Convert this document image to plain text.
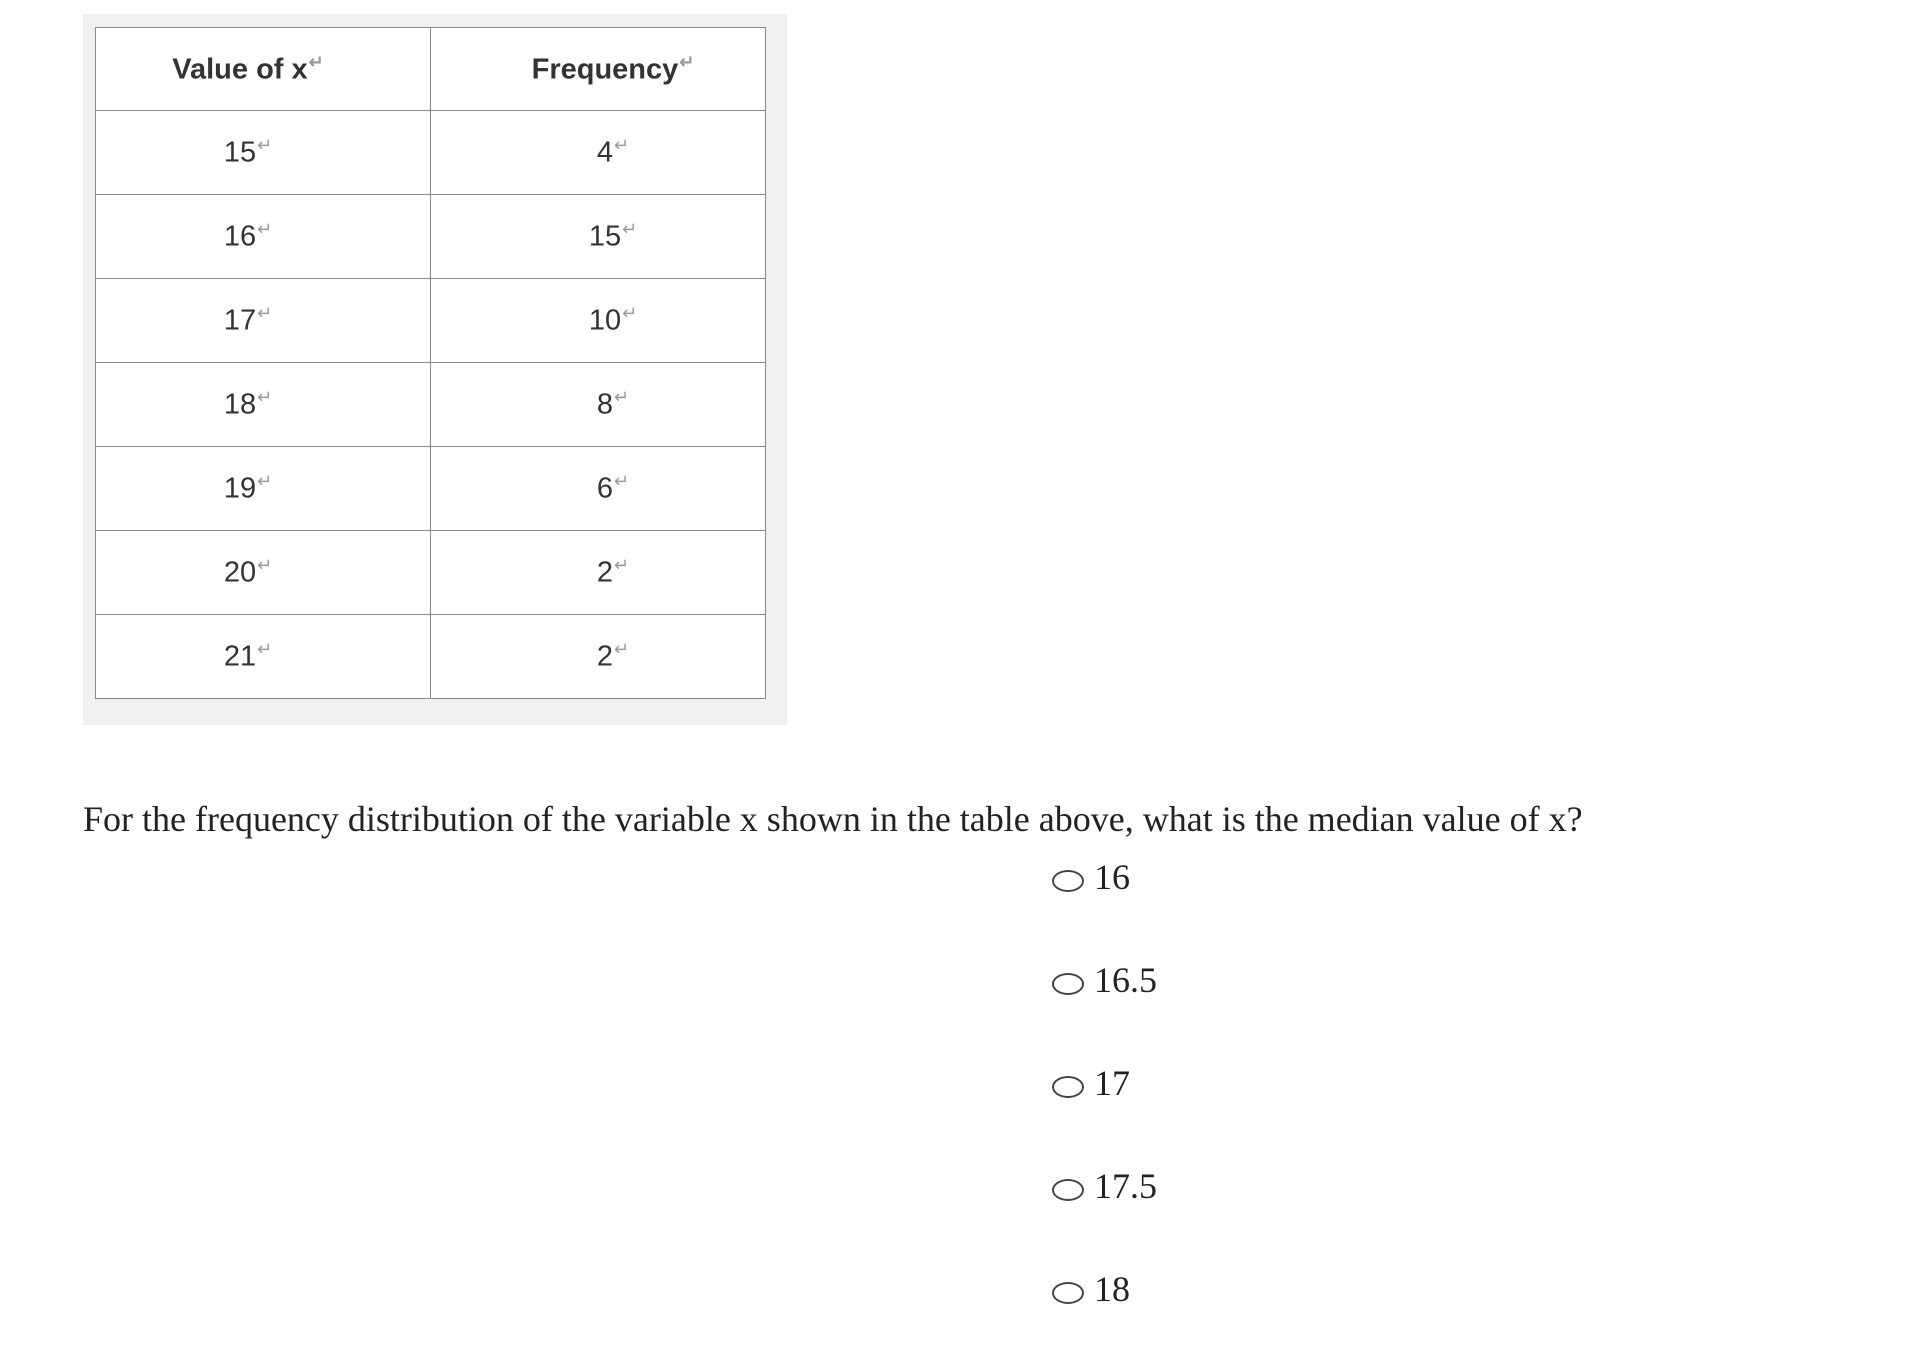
Value of x↵	Frequency↵
15↵	4↵
16↵	15↵
17↵	10↵
18↵	8↵
19↵	6↵
20↵	2↵
21↵	2↵
For the frequency distribution of the variable x shown in the table above, what is the median value of x?
16
16.5
17
17.5
18
